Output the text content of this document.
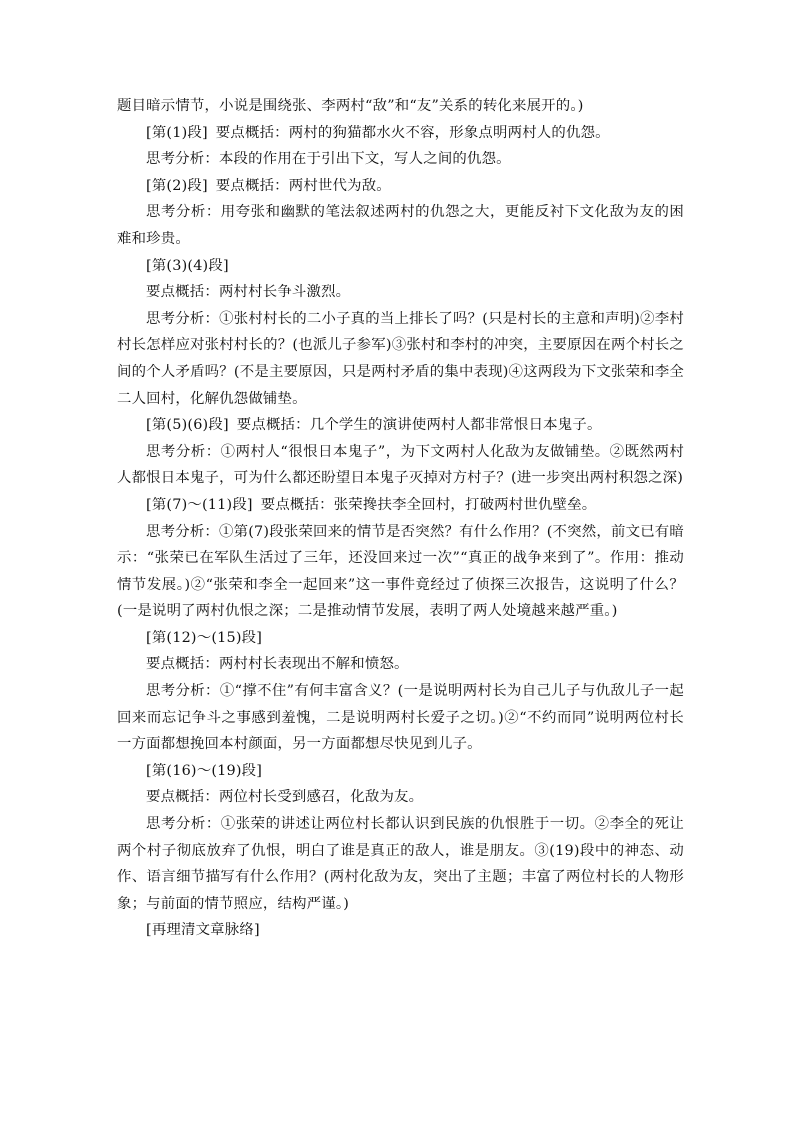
题目暗示情节，小说是围绕张、李两村“敌”和“友”关系的转化来展开的。)

[第(1)段] 要点概括：两村的狗猫都水火不容，形象点明两村人的仇怨。

思考分析：本段的作用在于引出下文，写人之间的仇怨。

[第(2)段] 要点概括：两村世代为敌。

思考分析：用夸张和幽默的笔法叙述两村的仇怨之大，更能反衬下文化敌为友的困难和珍贵。

[第(3)(4)段]

要点概括：两村村长争斗激烈。

思考分析：①张村村长的二小子真的当上排长了吗？(只是村长的主意和声明)②李村村长怎样应对张村村长的？(也派儿子参军)③张村和李村的冲突，主要原因在两个村长之间的个人矛盾吗？(不是主要原因，只是两村矛盾的集中表现)④这两段为下文张荣和李全二人回村，化解仇怨做铺垫。

[第(5)(6)段] 要点概括：几个学生的演讲使两村人都非常恨日本鬼子。

思考分析：①两村人“很恨日本鬼子”，为下文两村人化敌为友做铺垫。②既然两村人都恨日本鬼子，可为什么都还盼望日本鬼子灭掉对方村子？(进一步突出两村积怨之深)

[第(7)～(11)段] 要点概括：张荣搀扶李全回村，打破两村世仇壁垒。

思考分析：①第(7)段张荣回来的情节是否突然？有什么作用？(不突然，前文已有暗示：“张荣已在军队生活过了三年，还没回来过一次”“真正的战争来到了”。作用：推动情节发展。)②“张荣和李全一起回来”这一事件竟经过了侦探三次报告，这说明了什么？(一是说明了两村仇恨之深；二是推动情节发展，表明了两人处境越来越严重。)

[第(12)～(15)段]

要点概括：两村村长表现出不解和愤怒。

思考分析：①“撑不住”有何丰富含义？(一是说明两村长为自己儿子与仇敌儿子一起回来而忘记争斗之事感到羞愧，二是说明两村长爱子之切。)②“不约而同”说明两位村长一方面都想挽回本村颜面，另一方面都想尽快见到儿子。

[第(16)～(19)段]

要点概括：两位村长受到感召，化敌为友。

思考分析：①张荣的讲述让两位村长都认识到民族的仇恨胜于一切。②李全的死让两个村子彻底放弃了仇恨，明白了谁是真正的敌人，谁是朋友。③(19)段中的神态、动作、语言细节描写有什么作用？(两村化敌为友，突出了主题；丰富了两位村长的人物形象；与前面的情节照应，结构严谨。)

[再理清文章脉络]
